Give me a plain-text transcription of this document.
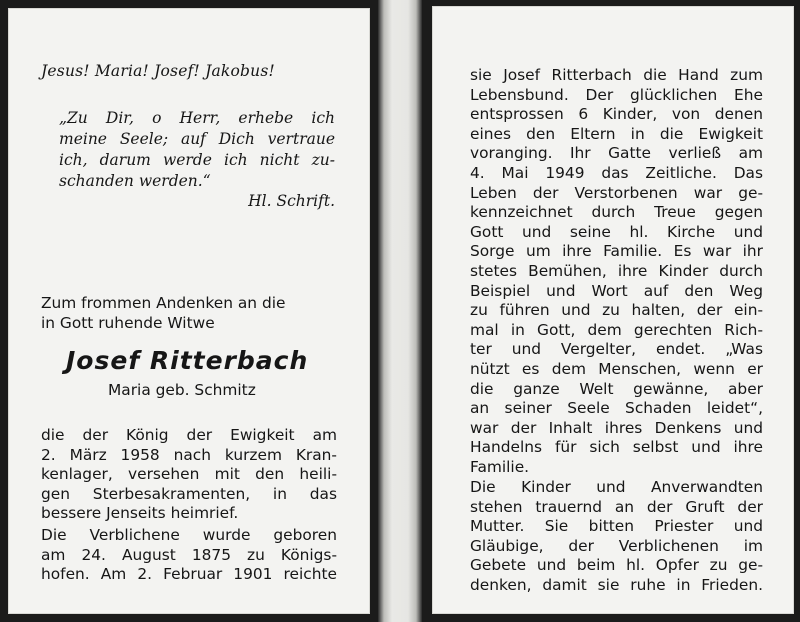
Jesus! Maria! Josef! Jakobus!

„Zu Dir, o Herr, erhebe ich
meine Seele; auf Dich vertraue
ich, darum werde ich nicht zu-
schanden werden.“

Hl. Schrift.

Zum frommen Andenken an die
in Gott ruhende Witwe

Josef Ritterbach

Maria geb. Schmitz

die der König der Ewigkeit am
2. März 1958 nach kurzem Kran-
kenlager, versehen mit den heili-
gen Sterbesakramenten, in das
bessere Jenseits heimrief.
Die Verblichene wurde geboren
am 24. August 1875 zu Königs-
hofen. Am 2. Februar 1901 reichte
sie Josef Ritterbach die Hand zum
Lebensbund. Der glücklichen Ehe
entsprossen 6 Kinder, von denen
eines den Eltern in die Ewigkeit
voranging. Ihr Gatte verließ am
4. Mai 1949 das Zeitliche. Das
Leben der Verstorbenen war ge-
kennzeichnet durch Treue gegen
Gott und seine hl. Kirche und
Sorge um ihre Familie. Es war ihr
stetes Bemühen, ihre Kinder durch
Beispiel und Wort auf den Weg
zu führen und zu halten, der ein-
mal in Gott, dem gerechten Rich-
ter und Vergelter, endet. „Was
nützt es dem Menschen, wenn er
die ganze Welt gewänne, aber
an seiner Seele Schaden leidet“,
war der Inhalt ihres Denkens und
Handelns für sich selbst und ihre
Familie.
Die Kinder und Anverwandten
stehen trauernd an der Gruft der
Mutter. Sie bitten Priester und
Gläubige, der Verblichenen im
Gebete und beim hl. Opfer zu ge-
denken, damit sie ruhe in Frieden.
